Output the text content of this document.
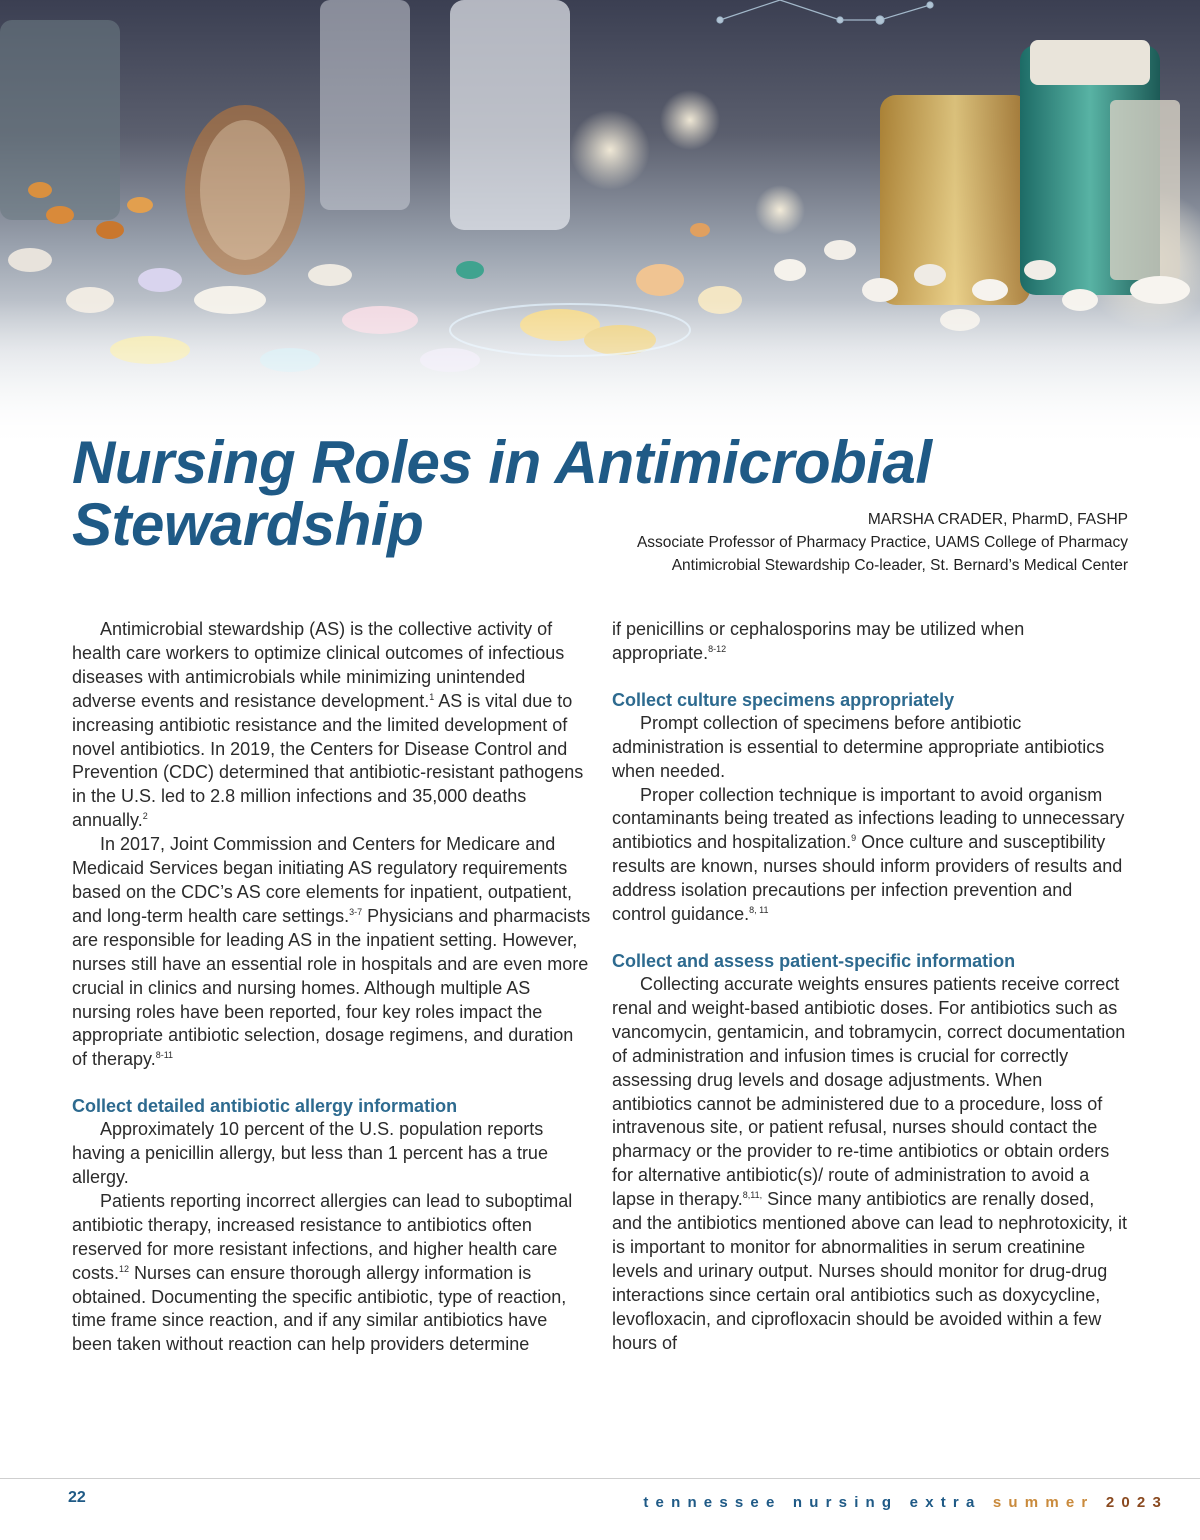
Nursing Roles in Antimicrobial
Stewardship	MARSHA CRADER, PharmD, FASHP
Associate Professor of Pharmacy Practice, UAMS College of Pharmacy
Antimicrobial Stewardship Co-leader, St. Bernard’s Medical Center

Antimicrobial stewardship (AS) is the collective activity of health care workers to optimize clinical outcomes of infectious diseases with antimicrobials while minimizing unintended adverse events and resistance development.$^1$ AS is vital due to increasing antibiotic resistance and the limited development of novel antibiotics. In 2019, the Centers for Disease Control and Prevention (CDC) determined that antibiotic-resistant pathogens in the U.S. led to 2.8 million infections and 35,000 deaths annually.$^2$

In 2017, Joint Commission and Centers for Medicare and Medicaid Services began initiating AS regulatory requirements based on the CDC’s AS core elements for inpatient, outpatient, and long-term health care settings.$^{3-7}$ Physicians and pharmacists are responsible for leading AS in the inpatient setting. However, nurses still have an essential role in hospitals and are even more crucial in clinics and nursing homes. Although multiple AS nursing roles have been reported, four key roles impact the appropriate antibiotic selection, dosage regimens, and duration of therapy.$^{8-11}$

Collect detailed antibiotic allergy information

Approximately 10 percent of the U.S. population reports having a penicillin allergy, but less than 1 percent has a true allergy.

Patients reporting incorrect allergies can lead to suboptimal antibiotic therapy, increased resistance to antibiotics often reserved for more resistant infections, and higher health care costs.$^{12}$ Nurses can ensure thorough allergy information is obtained. Documenting the specific antibiotic, type of reaction, time frame since reaction, and if any similar antibiotics have been taken without reaction can help providers determine

if penicillins or cephalosporins may be utilized when appropriate.$^{8-12}$

Collect culture specimens appropriately

Prompt collection of specimens before antibiotic administration is essential to determine appropriate antibiotics when needed.

Proper collection technique is important to avoid organism contaminants being treated as infections leading to unnecessary antibiotics and hospitalization.$^9$ Once culture and susceptibility results are known, nurses should inform providers of results and address isolation precautions per infection prevention and control guidance.$^{8, 11}$

Collect and assess patient-specific information

Collecting accurate weights ensures patients receive correct renal and weight-based antibiotic doses. For antibiotics such as vancomycin, gentamicin, and tobramycin, correct documentation of administration and infusion times is crucial for correctly assessing drug levels and dosage adjustments. When antibiotics cannot be administered due to a procedure, loss of intravenous site, or patient refusal, nurses should contact the pharmacy or the provider to re-time antibiotics or obtain orders for alternative antibiotic(s)/ route of administration to avoid a lapse in therapy.$^{8,11,}$ Since many antibiotics are renally dosed, and the antibiotics mentioned above can lead to nephrotoxicity, it is important to monitor for abnormalities in serum creatinine levels and urinary output. Nurses should monitor for drug-drug interactions since certain oral antibiotics such as doxycycline, levofloxacin, and ciprofloxacin should be avoided within a few hours of

22	tennessee nursing extra summer 2023
